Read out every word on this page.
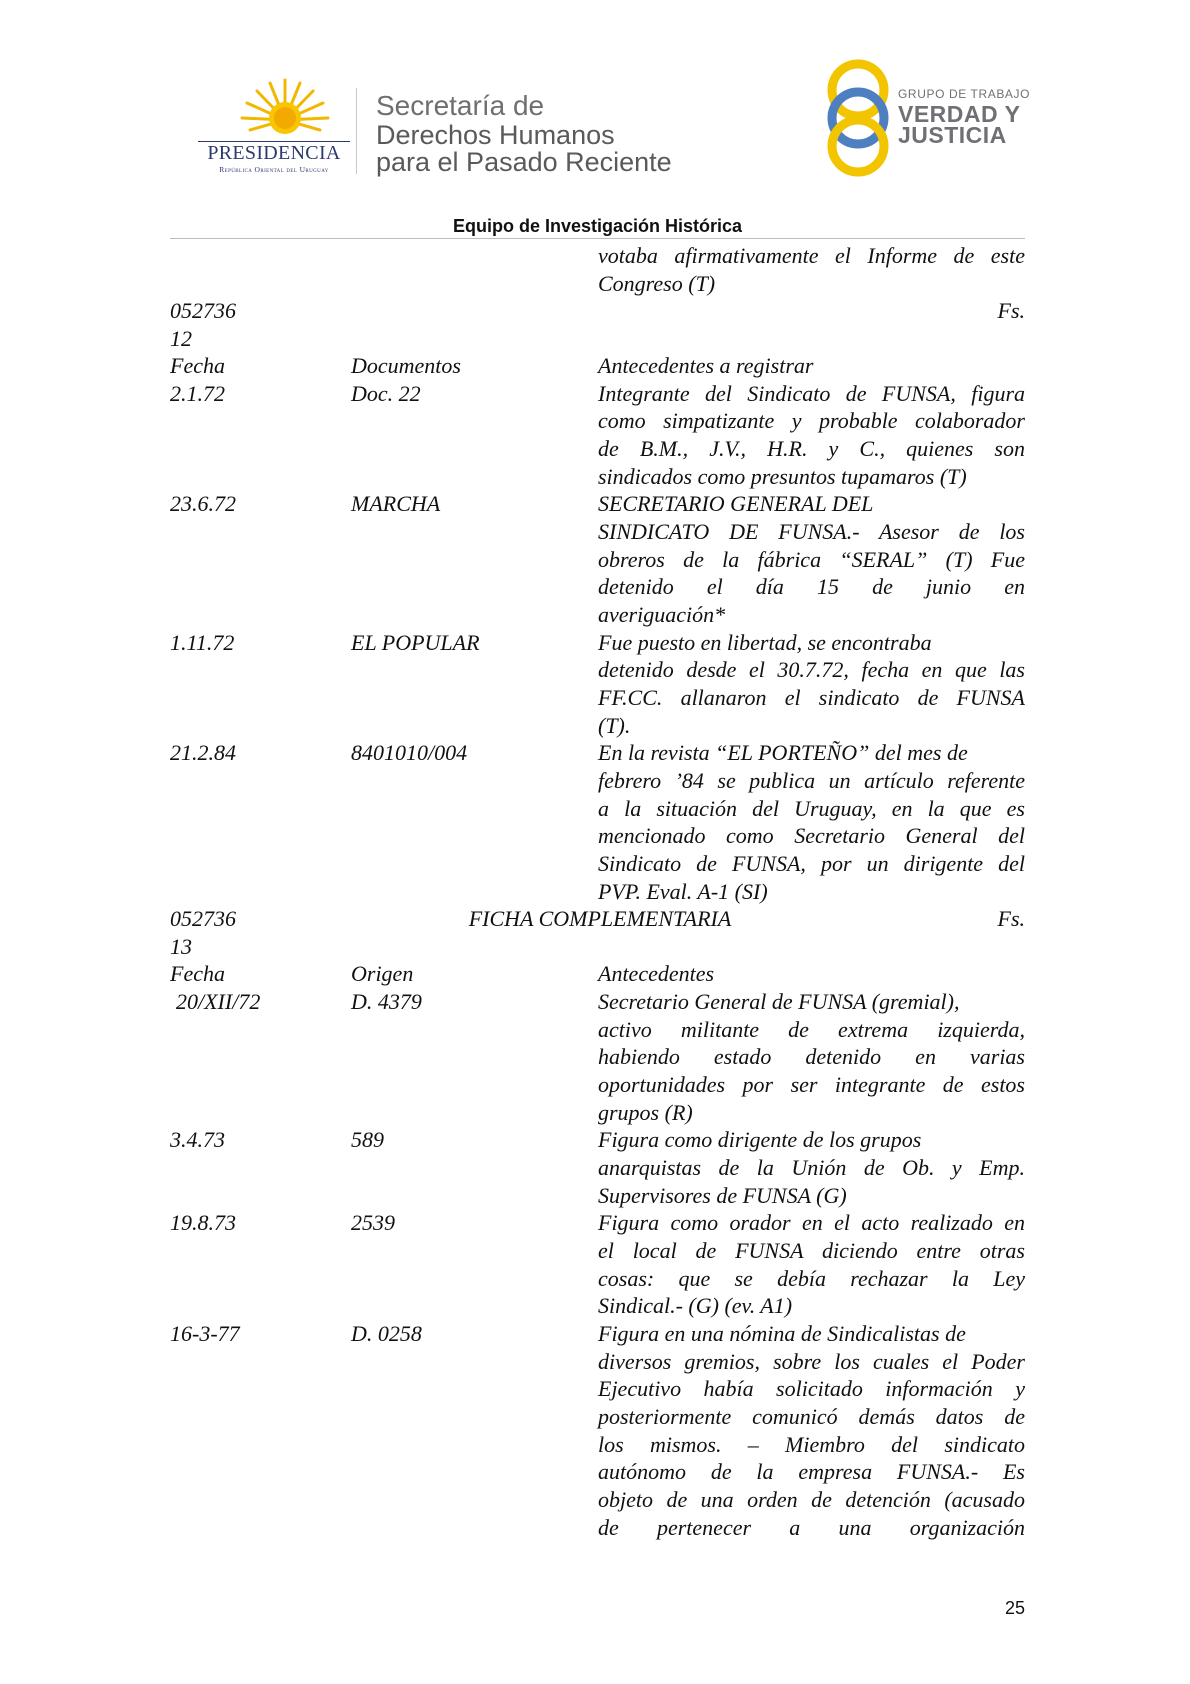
PRESIDENCIA
República Oriental del Uruguay
Secretaría de
Derechos Humanos
para el Pasado Reciente
GRUPO DE TRABAJO
VERDAD Y
JUSTICIA
Equipo de Investigación Histórica
votaba afirmativamente el Informe de este
Congreso (T)
052736	Fs.
12
Fecha	Documentos	Antecedentes a registrar
2.1.72	Doc. 22	Integrante del Sindicato de FUNSA, figura
como simpatizante y probable colaborador
de B.M., J.V., H.R. y C., quienes son
sindicados como presuntos tupamaros (T)
23.6.72	MARCHA	SECRETARIO GENERAL DEL
SINDICATO DE FUNSA.- Asesor de los
obreros de la fábrica “SERAL” (T) Fue
detenido el día 15 de junio en
averiguación*
1.11.72	EL POPULAR	Fue puesto en libertad, se encontraba
detenido desde el 30.7.72, fecha en que las
FF.CC. allanaron el sindicato de FUNSA
(T).
21.2.84	8401010/004	En la revista “EL PORTEÑO” del mes de
febrero ’84 se publica un artículo referente
a la situación del Uruguay, en la que es
mencionado como Secretario General del
Sindicato de FUNSA, por un dirigente del
PVP. Eval. A-1 (SI)
052736	FICHA COMPLEMENTARIA	Fs.
13
Fecha	Origen	Antecedentes
20/XII/72	D. 4379	Secretario General de FUNSA (gremial),
activo militante de extrema izquierda,
habiendo estado detenido en varias
oportunidades por ser integrante de estos
grupos (R)
3.4.73	589	Figura como dirigente de los grupos
anarquistas de la Unión de Ob. y Emp.
Supervisores de FUNSA (G)
19.8.73	2539	Figura como orador en el acto realizado en
el local de FUNSA diciendo entre otras
cosas: que se debía rechazar la Ley
Sindical.- (G) (ev. A1)
16-3-77	D. 0258	Figura en una nómina de Sindicalistas de
diversos gremios, sobre los cuales el Poder
Ejecutivo había solicitado información y
posteriormente comunicó demás datos de
los mismos. – Miembro del sindicato
autónomo de la empresa FUNSA.- Es
objeto de una orden de detención (acusado
de pertenecer a una organización
25
